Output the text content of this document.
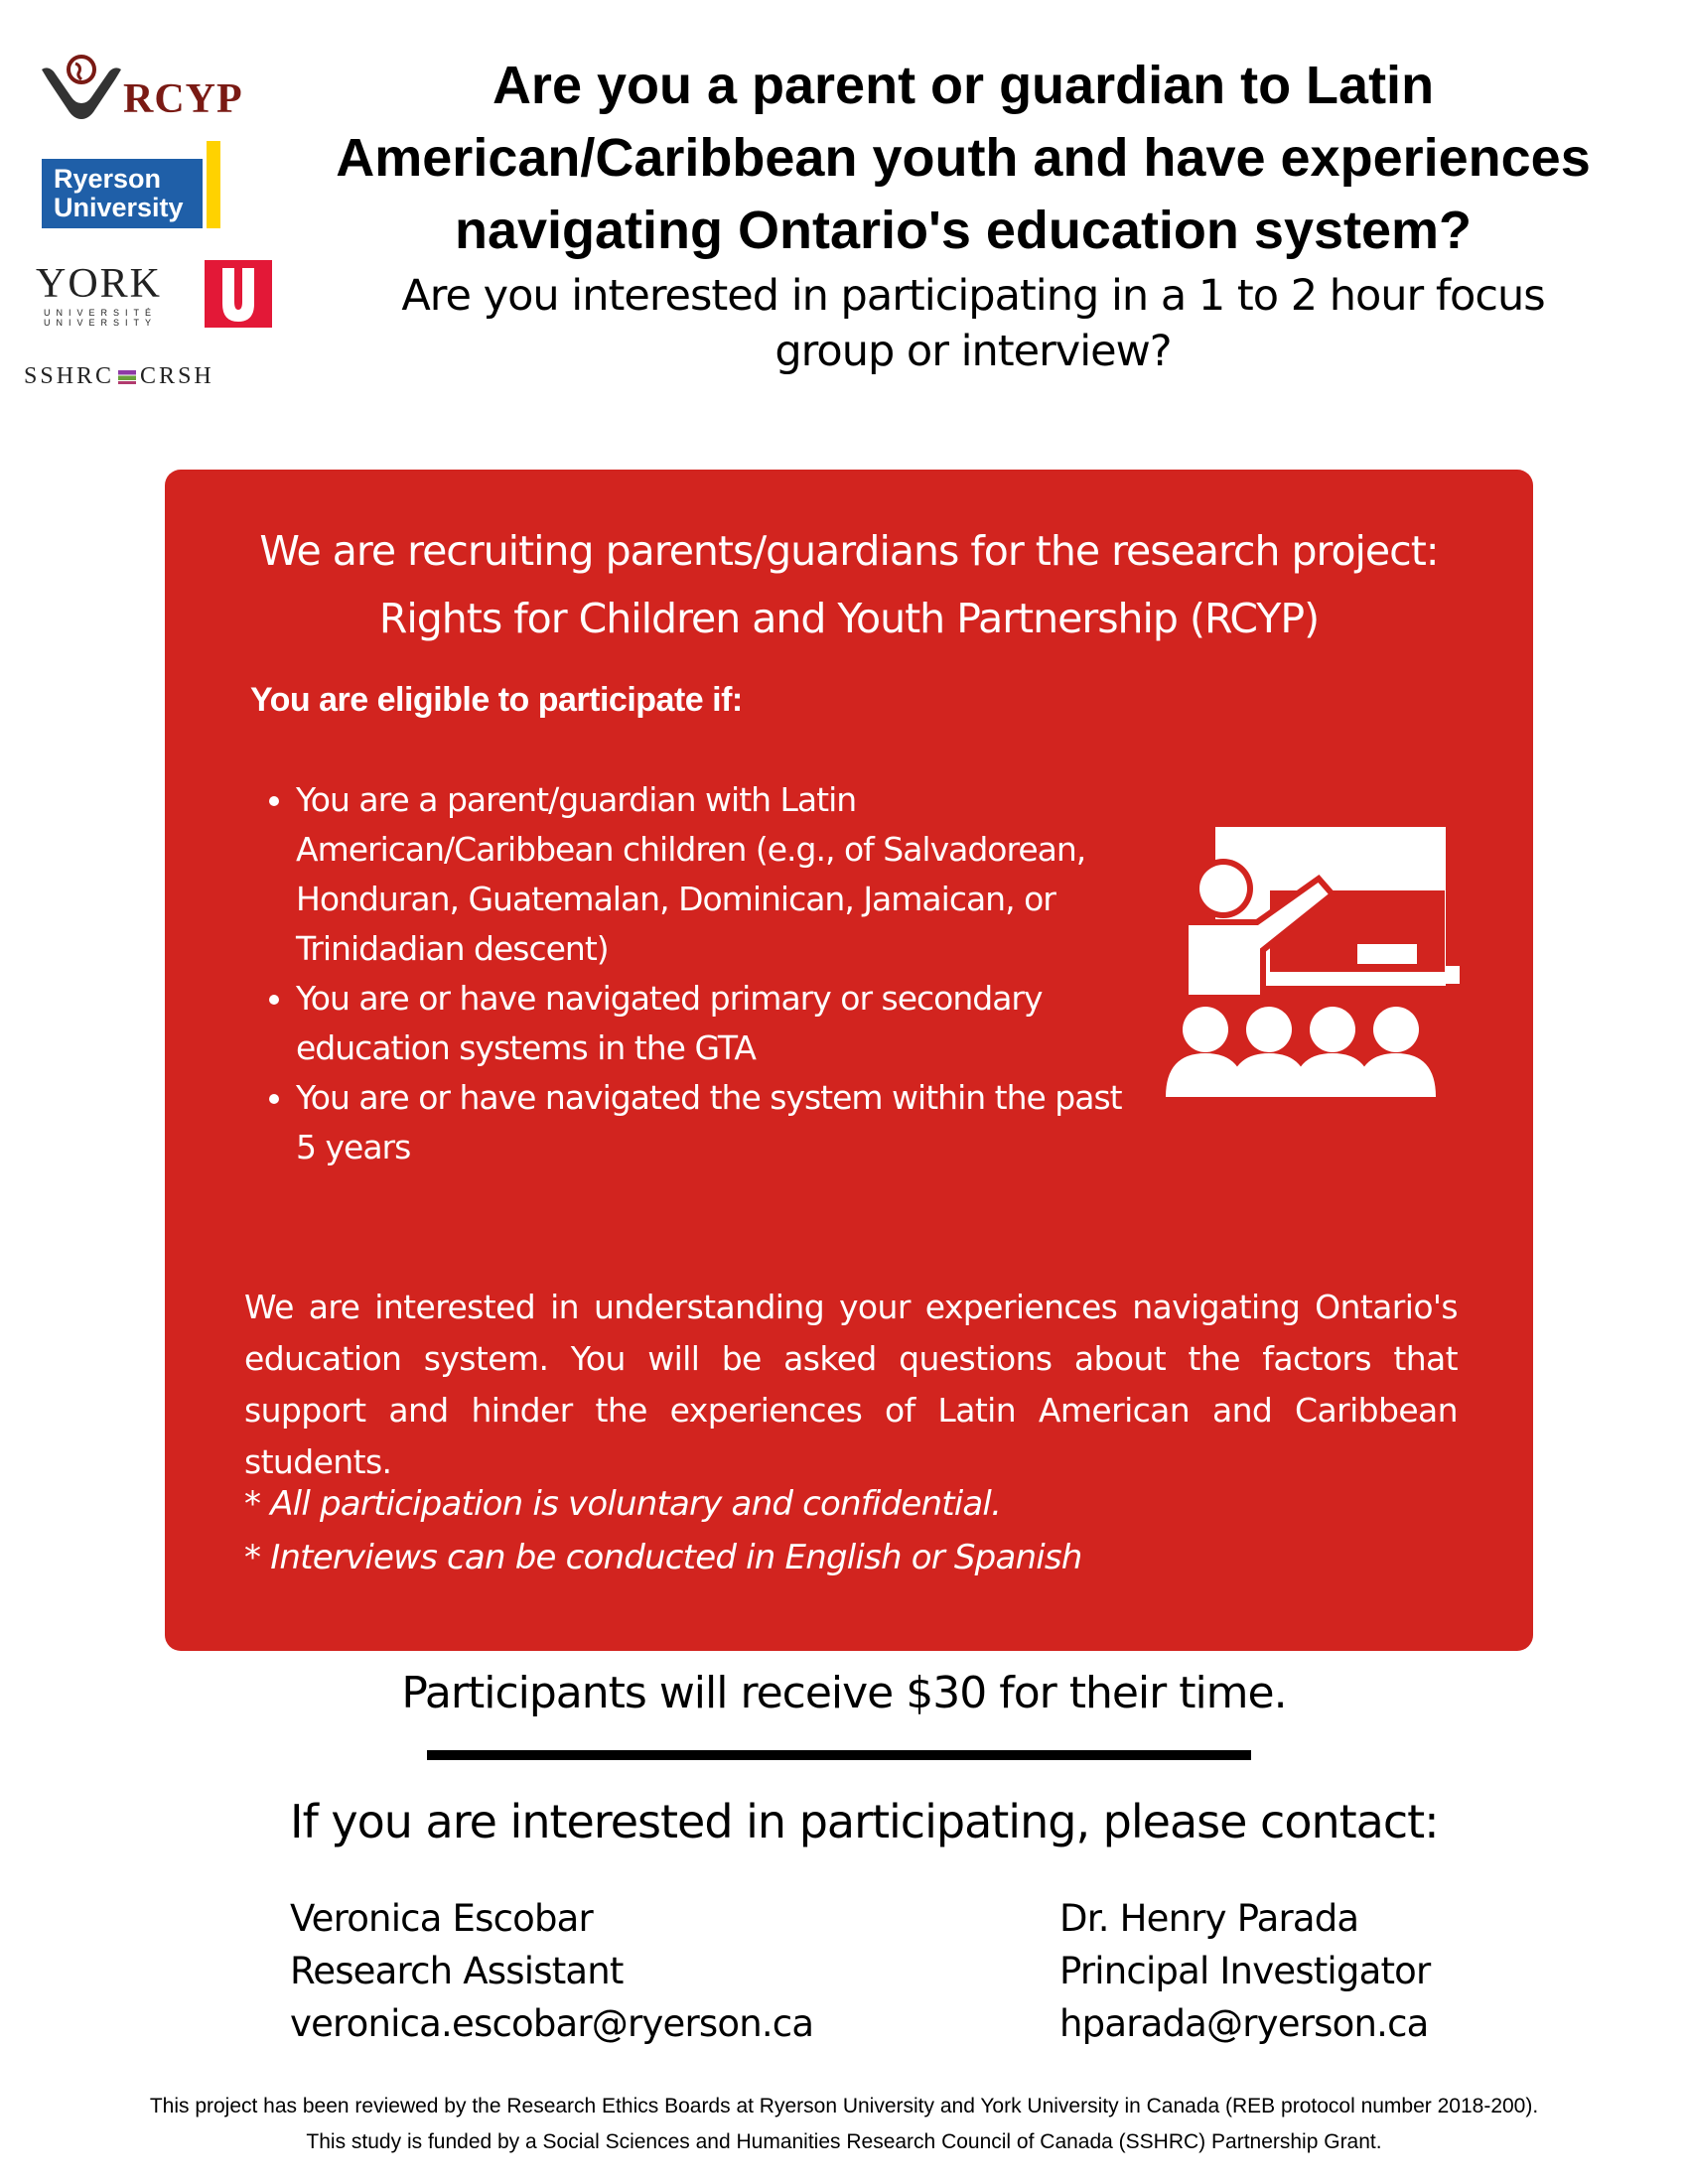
RCYP
Ryerson
University
YORK
UNIVERSITÉ
UNIVERSITY
SSHRC CRSH
Are you a parent or guardian to Latin
American/Caribbean youth and have experiences
navigating Ontario's education system?
Are you interested in participating in a 1 to 2 hour focus
group or interview?
We are recruiting parents/guardians for the research project:
Rights for Children and Youth Partnership (RCYP)
You are eligible to participate if:
• You are a parent/guardian with Latin American/Caribbean children (e.g., of Salvadorean, Honduran, Guatemalan, Dominican, Jamaican, or Trinidadian descent)
• You are or have navigated primary or secondary education systems in the GTA
• You are or have navigated the system within the past 5 years
We are interested in understanding your experiences navigating Ontario's education system. You will be asked questions about the factors that support and hinder the experiences of Latin American and Caribbean students.
* All participation is voluntary and confidential.
* Interviews can be conducted in English or Spanish
Participants will receive $30 for their time.
If you are interested in participating, please contact:
Veronica Escobar
Research Assistant
veronica.escobar@ryerson.ca
Dr. Henry Parada
Principal Investigator
hparada@ryerson.ca
This project has been reviewed by the Research Ethics Boards at Ryerson University and York University in Canada (REB protocol number 2018-200).
This study is funded by a Social Sciences and Humanities Research Council of Canada (SSHRC) Partnership Grant.
